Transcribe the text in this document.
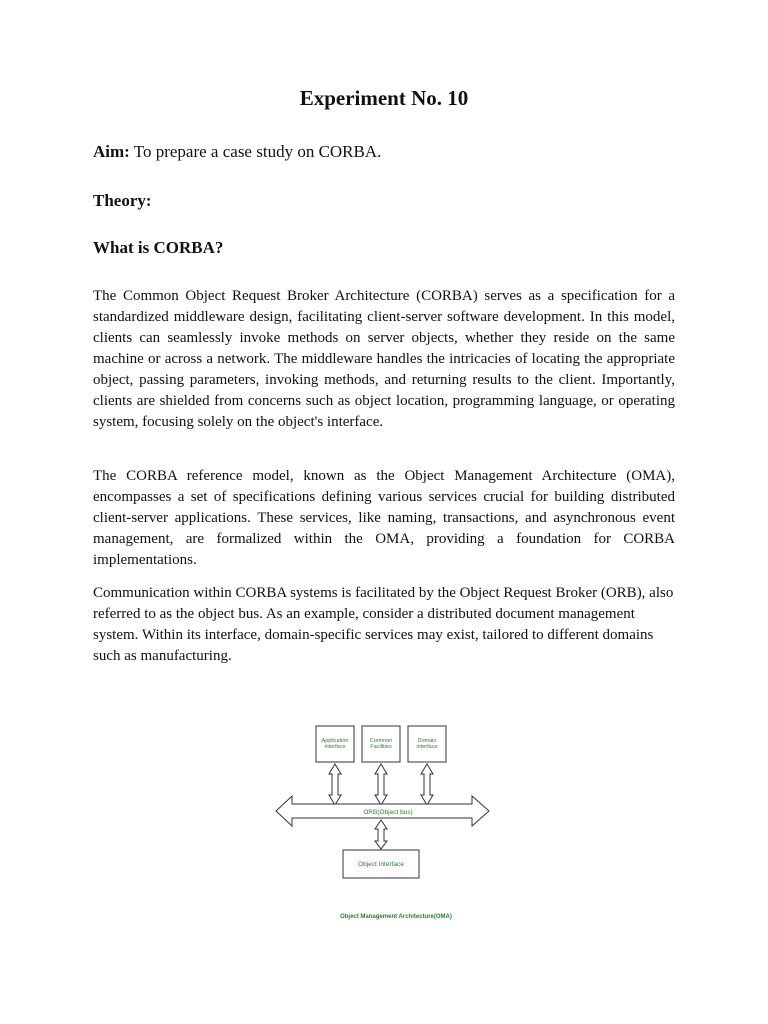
Experiment No. 10

Aim: To prepare a case study on CORBA.

Theory:
What is CORBA?

The Common Object Request Broker Architecture (CORBA) serves as a specification for a standardized middleware design, facilitating client-server software development. In this model, clients can seamlessly invoke methods on server objects, whether they reside on the same machine or across a network. The middleware handles the intricacies of locating the appropriate object, passing parameters, invoking methods, and returning results to the client. Importantly, clients are shielded from concerns such as object location, programming language, or operating system, focusing solely on the object's interface.

The CORBA reference model, known as the Object Management Architecture (OMA), encompasses a set of specifications defining various services crucial for building distributed client-server applications. These services, like naming, transactions, and asynchronous event management, are formalized within the OMA, providing a foundation for CORBA implementations.

Communication within CORBA systems is facilitated by the Object Request Broker (ORB), also referred to as the object bus. As an example, consider a distributed document management system. Within its interface, domain-specific services may exist, tailored to different domains such as manufacturing.

Application
interface
Common
Facilities
Domain
interface
ORB(Object bus)
Object Interface
Object Management Architecture(OMA)
